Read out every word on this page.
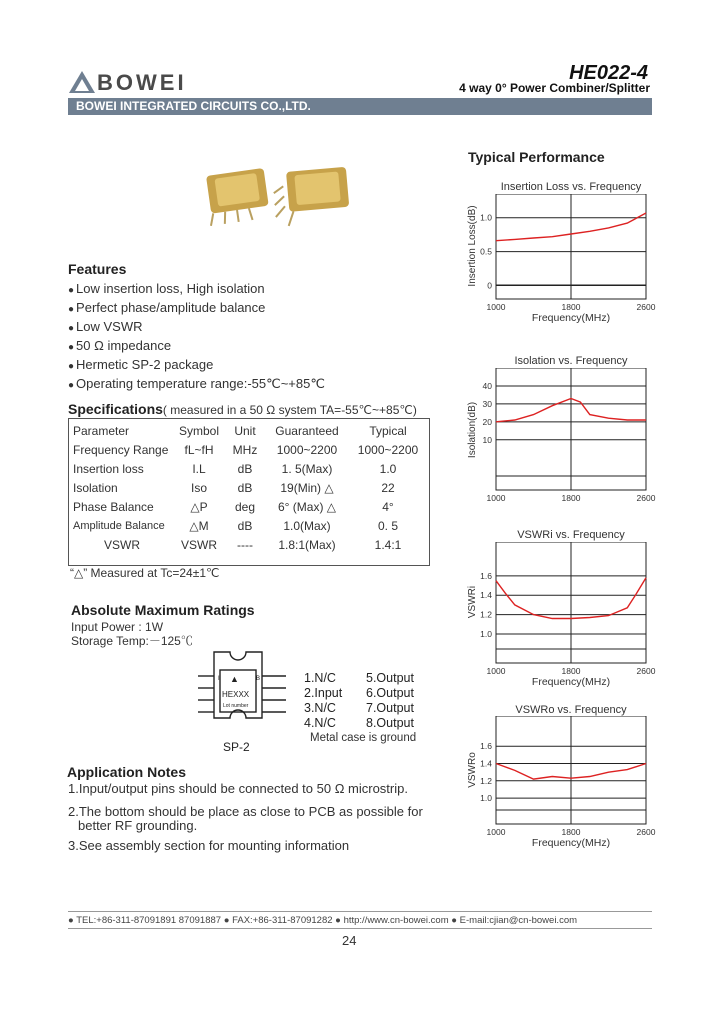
BOWEI	HE022-4
4 way 0° Power Combiner/Splitter
BOWEI INTEGRATED CIRCUITS CO.,LTD.
Features
● Low insertion loss, High isolation
● Perfect phase/amplitude balance
● Low VSWR
● 50 Ω impedance
● Hermetic SP-2 package
● Operating temperature range:-55℃~+85℃
Specifications( measured in a 50 Ω system TA=-55℃~+85℃)
Parameter	Symbol	Unit	Guaranteed	Typical
Frequency Range	fL~fH	MHz	1000~2200	1000~2200
Insertion loss	I.L	dB	1. 5(Max)	1.0
Isolation	Iso	dB	19(Min) △	22
Phase Balance	△P	deg	6° (Max) △	4°
Amplitude Balance	△M	dB	1.0(Max)	0. 5
VSWR	VSWR	----	1.8:1(Max)	1.4:1
“△” Measured at Tc=24±1℃
Absolute Maximum Ratings
Input Power : 1W
Storage Temp:－125℃
▲
I	B
HEXXX
Lot number
SP-2
1.N/C
2.Input
3.N/C
4.N/C
5.Output
6.Output
7.Output
8.Output
Metal case is ground
Application Notes
1.Input/output pins should be connected to 50 Ω microstrip.
2.The bottom should be place as close to PCB as possible for
better RF grounding.
3.See assembly section for mounting information
Typical Performance
Insertion Loss vs. Frequency
1000	1800	2600
1.0
0.5
0
Insertion Loss(dB)
Frequency(MHz)
Isolation vs. Frequency
1000	1800	2600
40
30
20
10
Isolation(dB)
VSWRi vs. Frequency
1000	1800	2600
1.6
1.4
1.2
1.0
VSWRi
Frequency(MHz)
VSWRo vs. Frequency
1000	1800	2600
1.6
1.4
1.2
1.0
VSWRo
Frequency(MHz)
● TEL:+86-311-87091891 87091887 ● FAX:+86-311-87091282 ● http://www.cn-bowei.com ● E-mail:cjian@cn-bowei.com
24
